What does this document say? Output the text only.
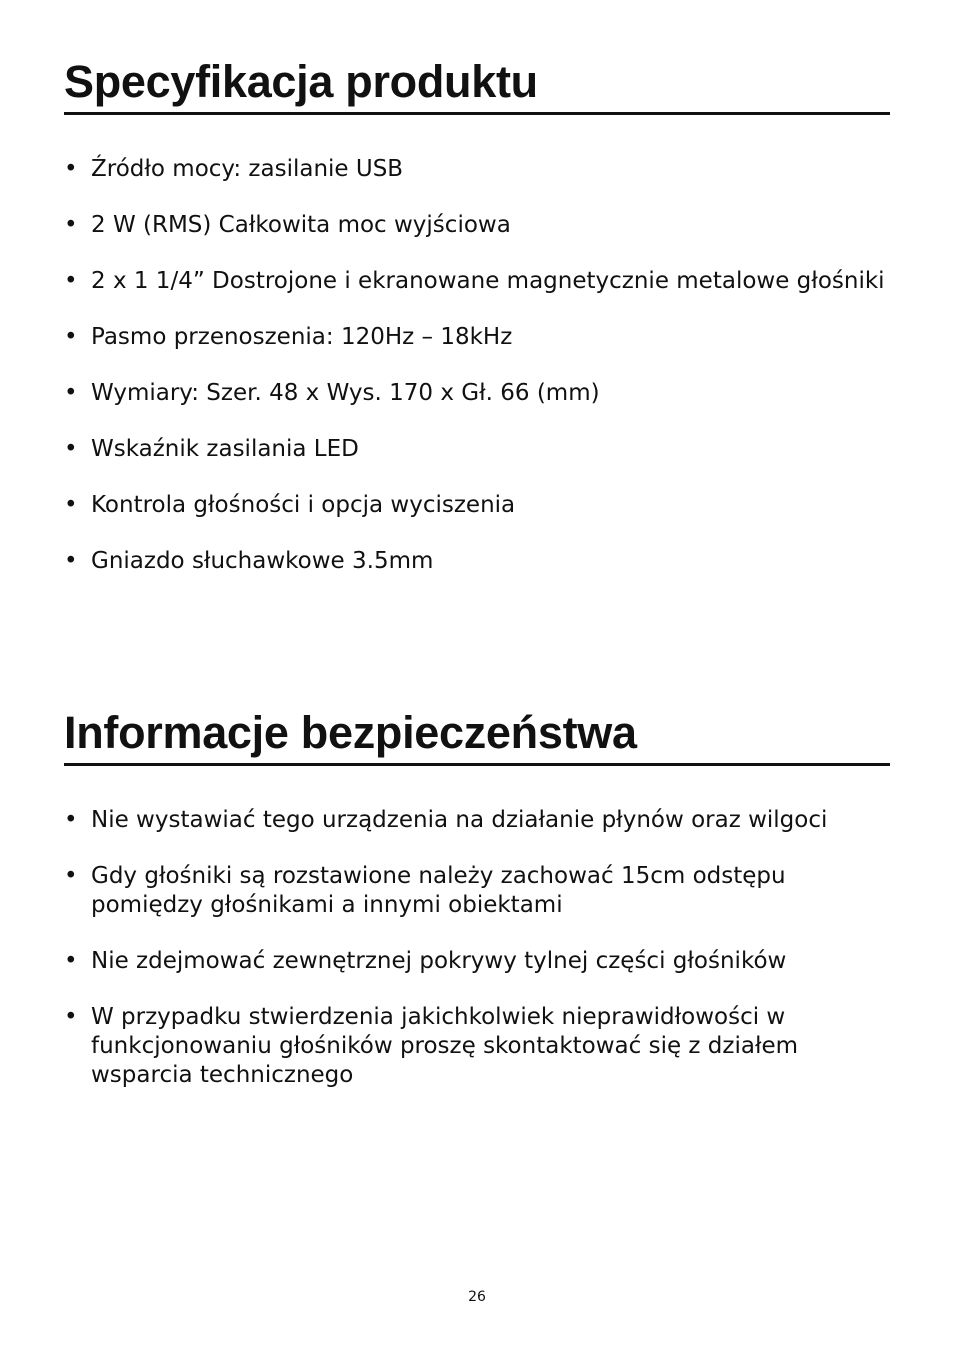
Specyfikacja produktu
• Źródło mocy: zasilanie USB
• 2 W (RMS) Całkowita moc wyjściowa
• 2 x 1 1/4” Dostrojone i ekranowane magnetycznie metalowe głośniki
• Pasmo przenoszenia: 120Hz – 18kHz
• Wymiary: Szer. 48 x Wys. 170 x Gł. 66 (mm)
• Wskaźnik zasilania LED
• Kontrola głośności i opcja wyciszenia
• Gniazdo słuchawkowe 3.5mm
Informacje bezpieczeństwa
• Nie wystawiać tego urządzenia na działanie płynów oraz wilgoci
• Gdy głośniki są rozstawione należy zachować 15cm odstępu pomiędzy głośnikami a innymi obiektami
• Nie zdejmować zewnętrznej pokrywy tylnej części głośników
• W przypadku stwierdzenia jakichkolwiek nieprawidłowości w funkcjonowaniu głośników proszę skontaktować się z działem wsparcia technicznego
26
